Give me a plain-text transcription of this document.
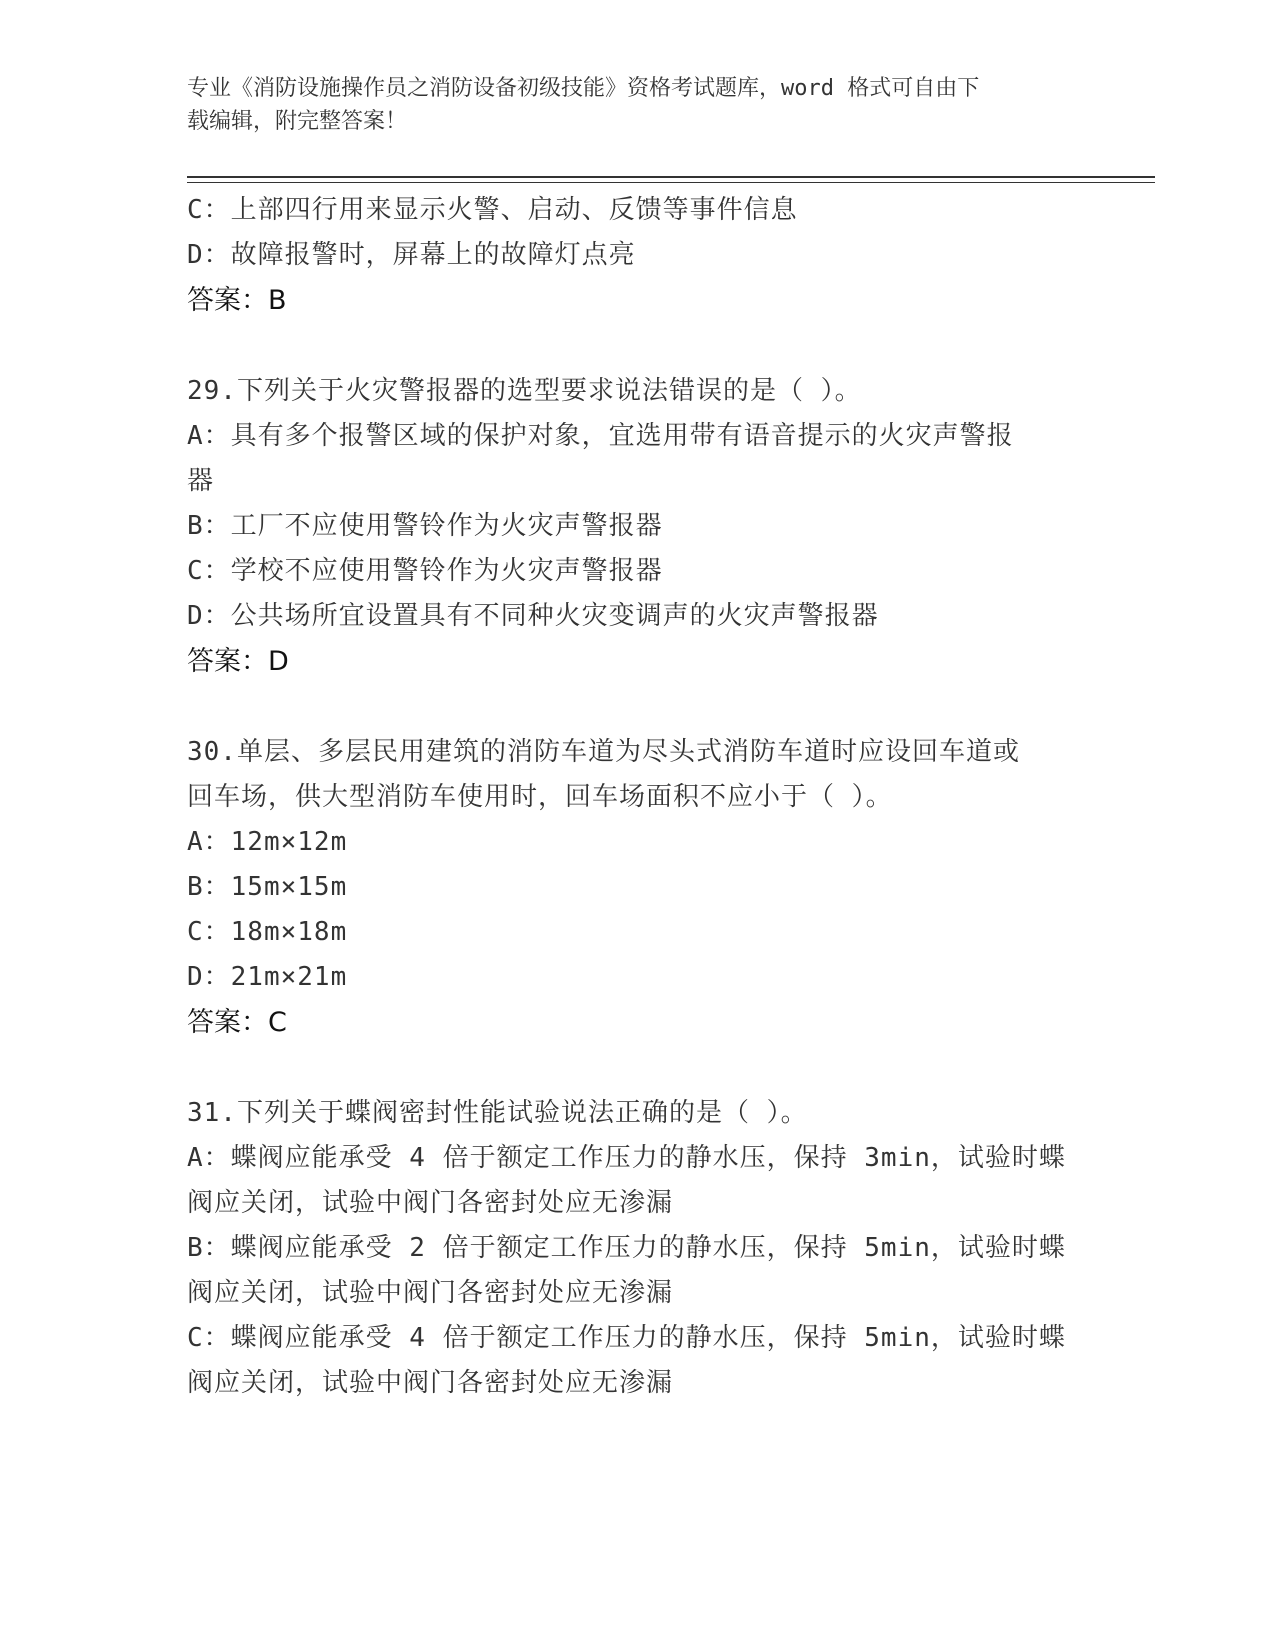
专业《消防设施操作员之消防设备初级技能》资格考试题库，word 格式可自由下
载编辑，附完整答案！
C：上部四行用来显示火警、启动、反馈等事件信息
D：故障报警时，屏幕上的故障灯点亮
答案：B
29.下列关于火灾警报器的选型要求说法错误的是（ ）。
A：具有多个报警区域的保护对象，宜选用带有语音提示的火灾声警报
器
B：工厂不应使用警铃作为火灾声警报器
C：学校不应使用警铃作为火灾声警报器
D：公共场所宜设置具有不同种火灾变调声的火灾声警报器
答案：D
30.单层、多层民用建筑的消防车道为尽头式消防车道时应设回车道或
回车场，供大型消防车使用时，回车场面积不应小于（ ）。
A：12m×12m
B：15m×15m
C：18m×18m
D：21m×21m
答案：C
31.下列关于蝶阀密封性能试验说法正确的是（ ）。
A：蝶阀应能承受 4 倍于额定工作压力的静水压，保持 3min，试验时蝶
阀应关闭，试验中阀门各密封处应无渗漏
B：蝶阀应能承受 2 倍于额定工作压力的静水压，保持 5min，试验时蝶
阀应关闭，试验中阀门各密封处应无渗漏
C：蝶阀应能承受 4 倍于额定工作压力的静水压，保持 5min，试验时蝶
阀应关闭，试验中阀门各密封处应无渗漏
